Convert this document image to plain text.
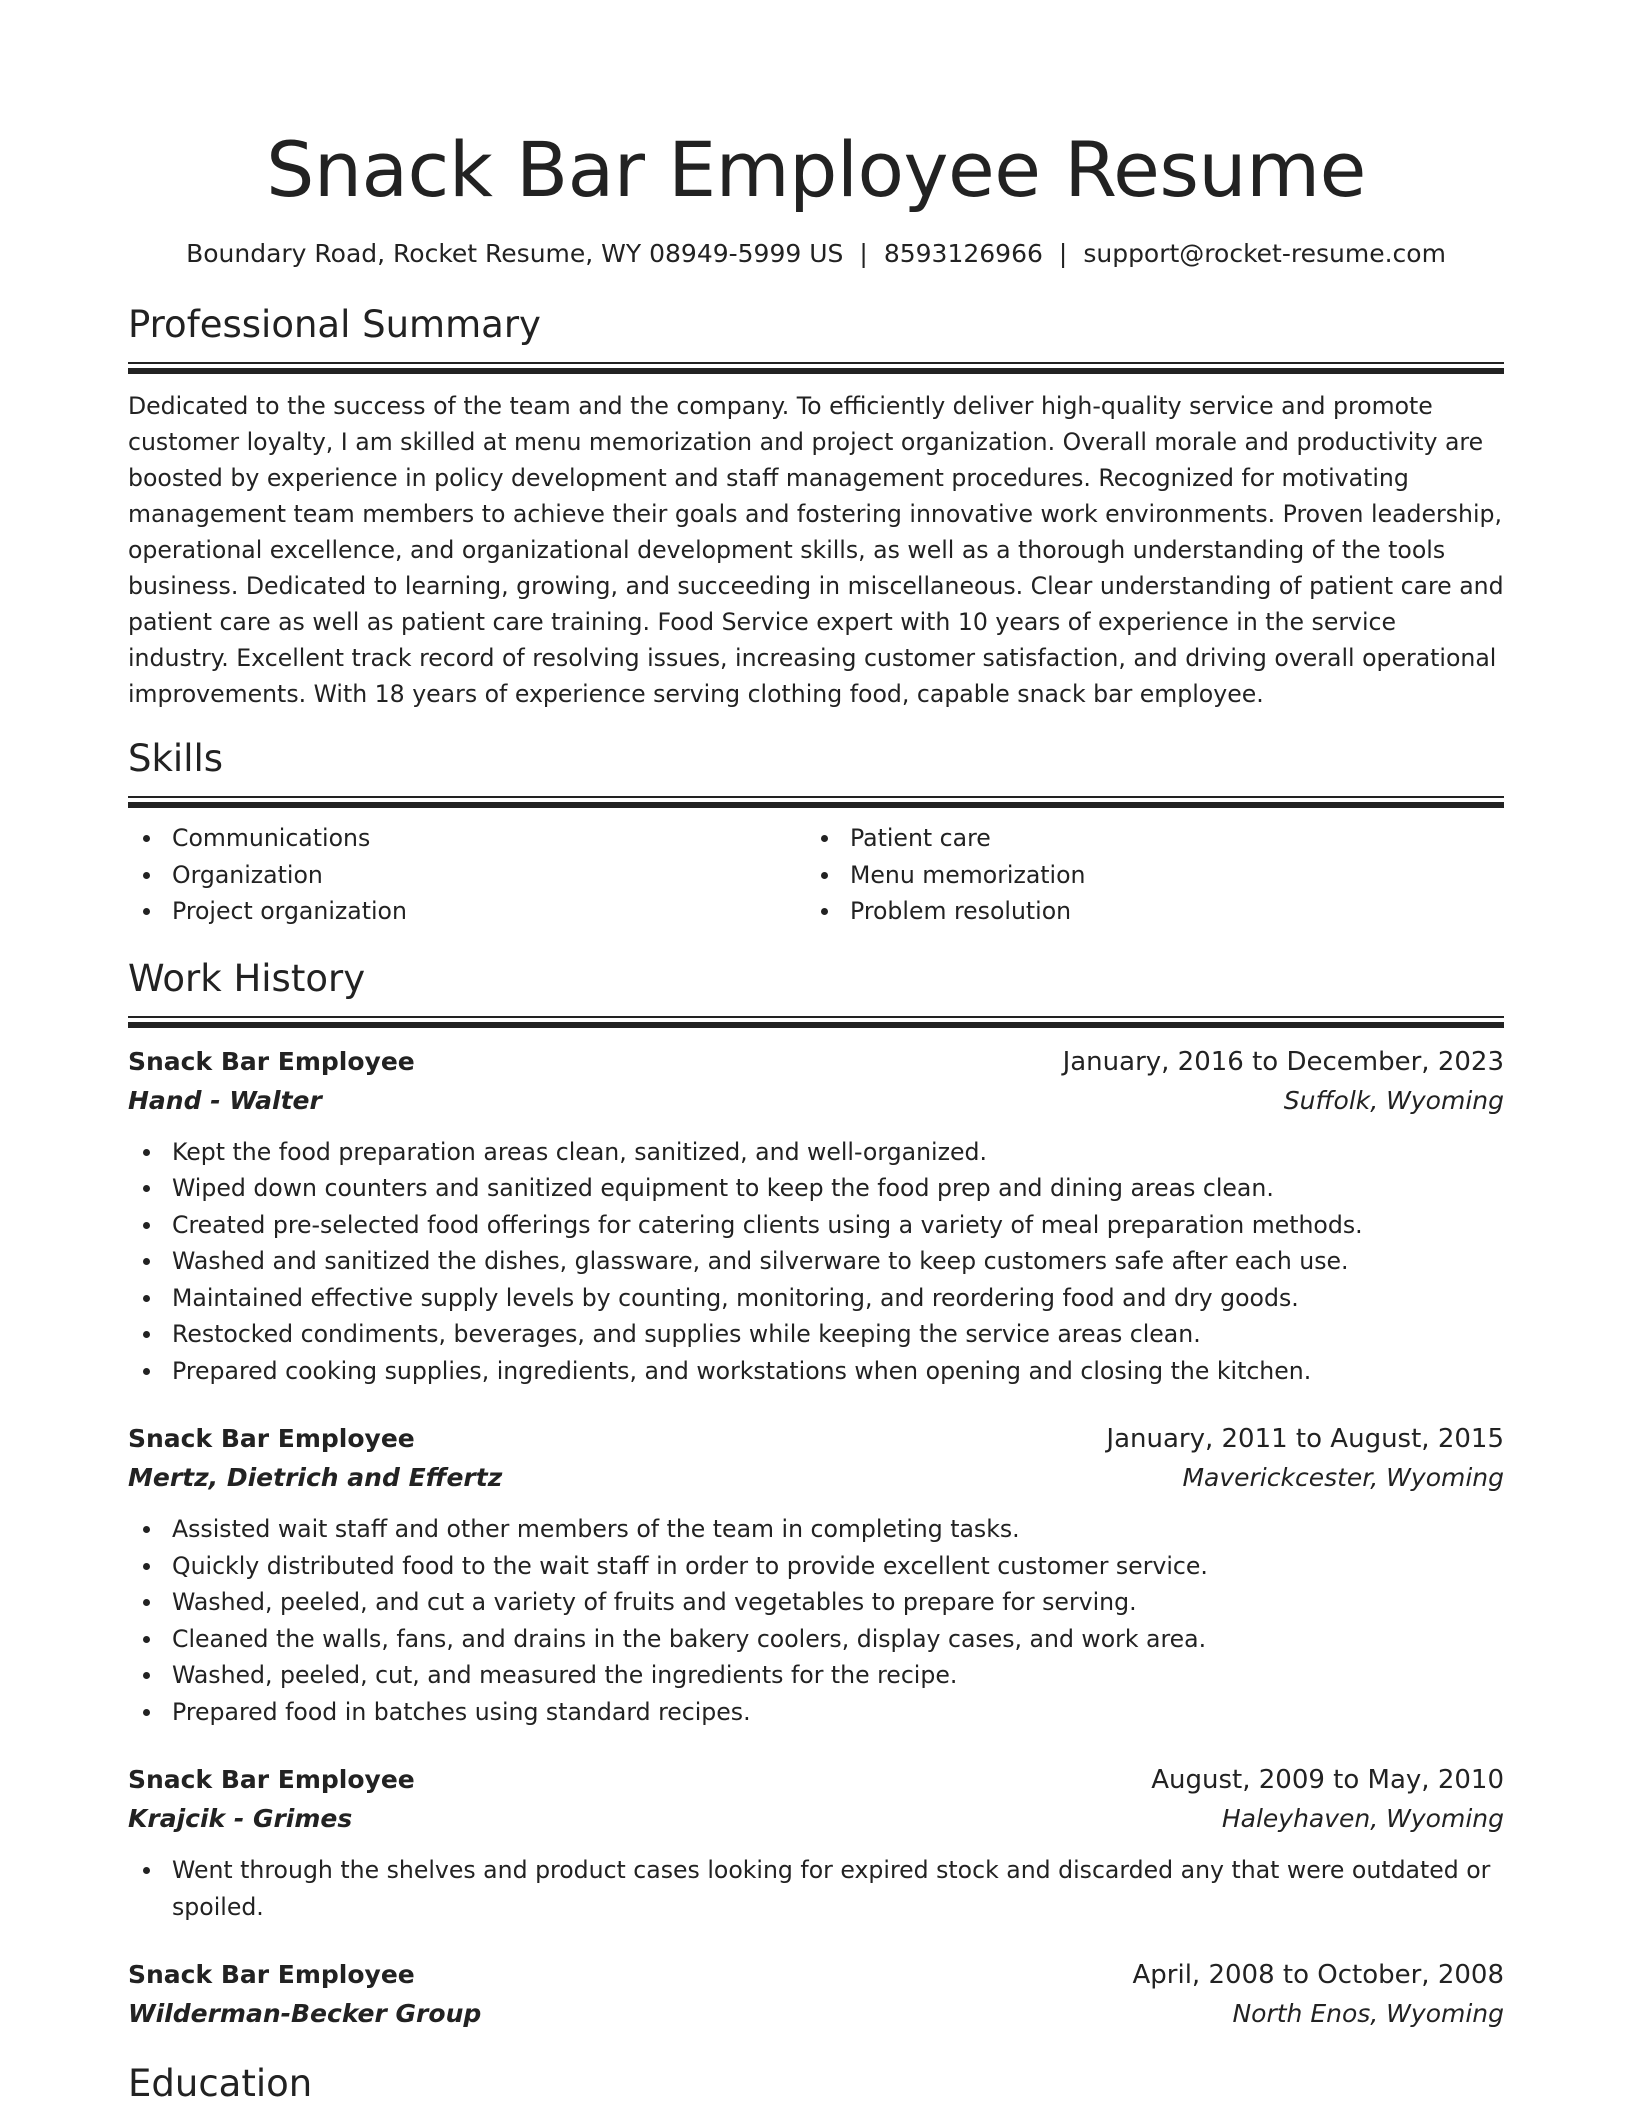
Snack Bar Employee Resume
Boundary Road, Rocket Resume, WY 08949-5999 US | 8593126966 | support@rocket-resume.com
Professional Summary

Dedicated to the success of the team and the company. To efficiently deliver high-quality service and promote customer loyalty, I am skilled at menu memorization and project organization. Overall morale and productivity are boosted by experience in policy development and staff management procedures. Recognized for motivating management team members to achieve their goals and fostering innovative work environments. Proven leadership, operational excellence, and organizational development skills, as well as a thorough understanding of the tools business. Dedicated to learning, growing, and succeeding in miscellaneous. Clear understanding of patient care and patient care as well as patient care training. Food Service expert with 10 years of experience in the service industry. Excellent track record of resolving issues, increasing customer satisfaction, and driving overall operational improvements. With 18 years of experience serving clothing food, capable snack bar employee.

Skills
Communications
Organization
Project organization
Patient care
Menu memorization
Problem resolution
Work History
Snack Bar Employee	January, 2016 to December, 2023
Hand - Walter	Suffolk, Wyoming
Kept the food preparation areas clean, sanitized, and well-organized.
Wiped down counters and sanitized equipment to keep the food prep and dining areas clean.
Created pre-selected food offerings for catering clients using a variety of meal preparation methods.
Washed and sanitized the dishes, glassware, and silverware to keep customers safe after each use.
Maintained effective supply levels by counting, monitoring, and reordering food and dry goods.
Restocked condiments, beverages, and supplies while keeping the service areas clean.
Prepared cooking supplies, ingredients, and workstations when opening and closing the kitchen.
Snack Bar Employee	January, 2011 to August, 2015
Mertz, Dietrich and Effertz	Maverickcester, Wyoming
Assisted wait staff and other members of the team in completing tasks.
Quickly distributed food to the wait staff in order to provide excellent customer service.
Washed, peeled, and cut a variety of fruits and vegetables to prepare for serving.
Cleaned the walls, fans, and drains in the bakery coolers, display cases, and work area.
Washed, peeled, cut, and measured the ingredients for the recipe.
Prepared food in batches using standard recipes.
Snack Bar Employee	August, 2009 to May, 2010
Krajcik - Grimes	Haleyhaven, Wyoming
Went through the shelves and product cases looking for expired stock and discarded any that were outdated or spoiled.
Snack Bar Employee	April, 2008 to October, 2008
Wilderman-Becker Group	North Enos, Wyoming
Education
